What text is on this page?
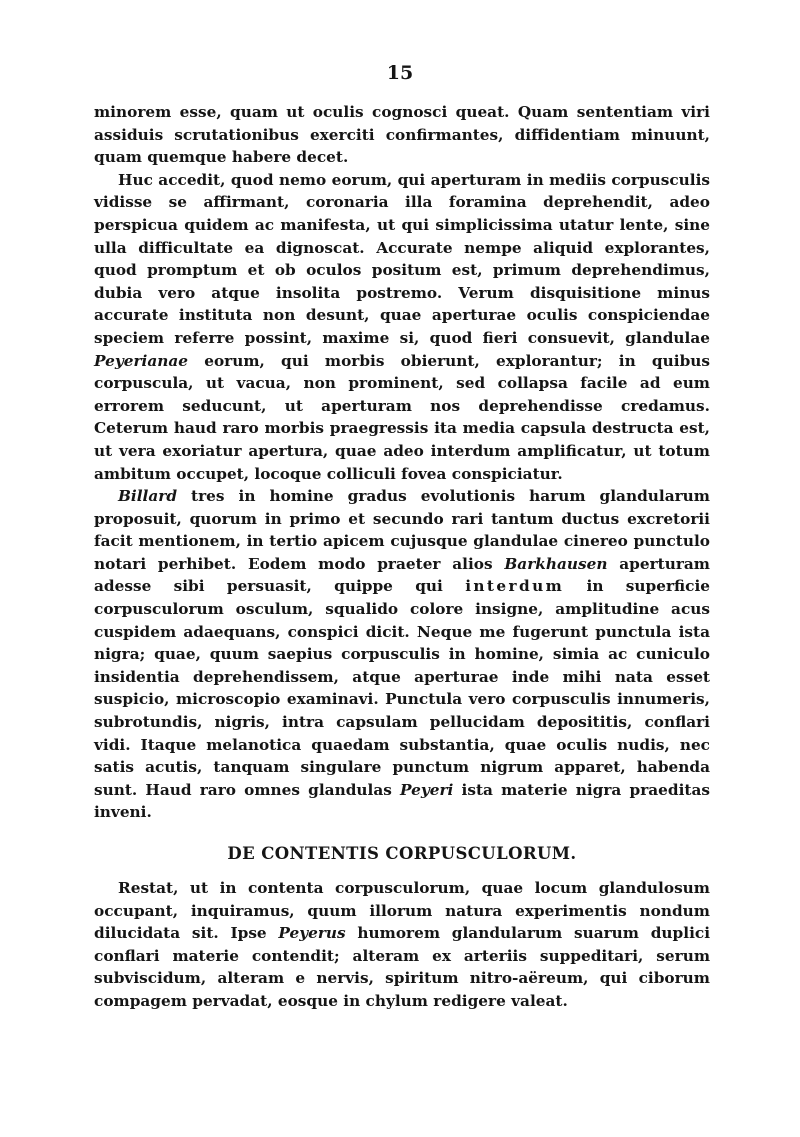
15

minorem esse, quam ut oculis cognosci queat. Quam sententiam viri assiduis scrutationibus exerciti confirmantes, diffidentiam minuunt, quam quemque habere decet.

Huc accedit, quod nemo eorum, qui aperturam in mediis corpusculis vidisse se affirmant, coronaria illa foramina deprehendit, adeo perspicua quidem ac manifesta, ut qui simplicissima utatur lente, sine ulla difficultate ea dignoscat. Accurate nempe aliquid explorantes, quod promptum et ob oculos positum est, primum deprehendimus, dubia vero atque insolita postremo. Verum disquisitione minus accurate instituta non desunt, quae aperturae oculis conspiciendae speciem referre possint, maxime si, quod fieri consuevit, glandulae Peyerianae eorum, qui morbis obierunt, explorantur; in quibus corpuscula, ut vacua, non prominent, sed collapsa facile ad eum errorem seducunt, ut aperturam nos deprehendisse credamus. Ceterum haud raro morbis praegressis ita media capsula destructa est, ut vera exoriatur apertura, quae adeo interdum amplificatur, ut totum ambitum occupet, locoque colliculi fovea conspiciatur.

Billard tres in homine gradus evolutionis harum glandularum proposuit, quorum in primo et secundo rari tantum ductus excretorii facit mentionem, in tertio apicem cujusque glandulae cinereo punctulo notari perhibet. Eodem modo praeter alios Barkhausen aperturam adesse sibi persuasit, quippe qui interdum in superficie corpusculorum osculum, squalido colore insigne, amplitudine acus cuspidem adaequans, conspici dicit. Neque me fugerunt punctula ista nigra; quae, quum saepius corpusculis in homine, simia ac cuniculo insidentia deprehendissem, atque aperturae inde mihi nata esset suspicio, microscopio examinavi. Punctula vero corpusculis innumeris, subrotundis, nigris, intra capsulam pellucidam deposititis, conflari vidi. Itaque melanotica quaedam substantia, quae oculis nudis, nec satis acutis, tanquam singulare punctum nigrum apparet, habenda sunt. Haud raro omnes glandulas Peyeri ista materie nigra praeditas inveni.

DE CONTENTIS CORPUSCULORUM.

Restat, ut in contenta corpusculorum, quae locum glandulosum occupant, inquiramus, quum illorum natura experimentis nondum dilucidata sit. Ipse Peyerus humorem glandularum suarum duplici conflari materie contendit; alteram ex arteriis suppeditari, serum subviscidum, alteram e nervis, spiritum nitro-aëreum, qui ciborum compagem pervadat, eosque in chylum redigere valeat.
